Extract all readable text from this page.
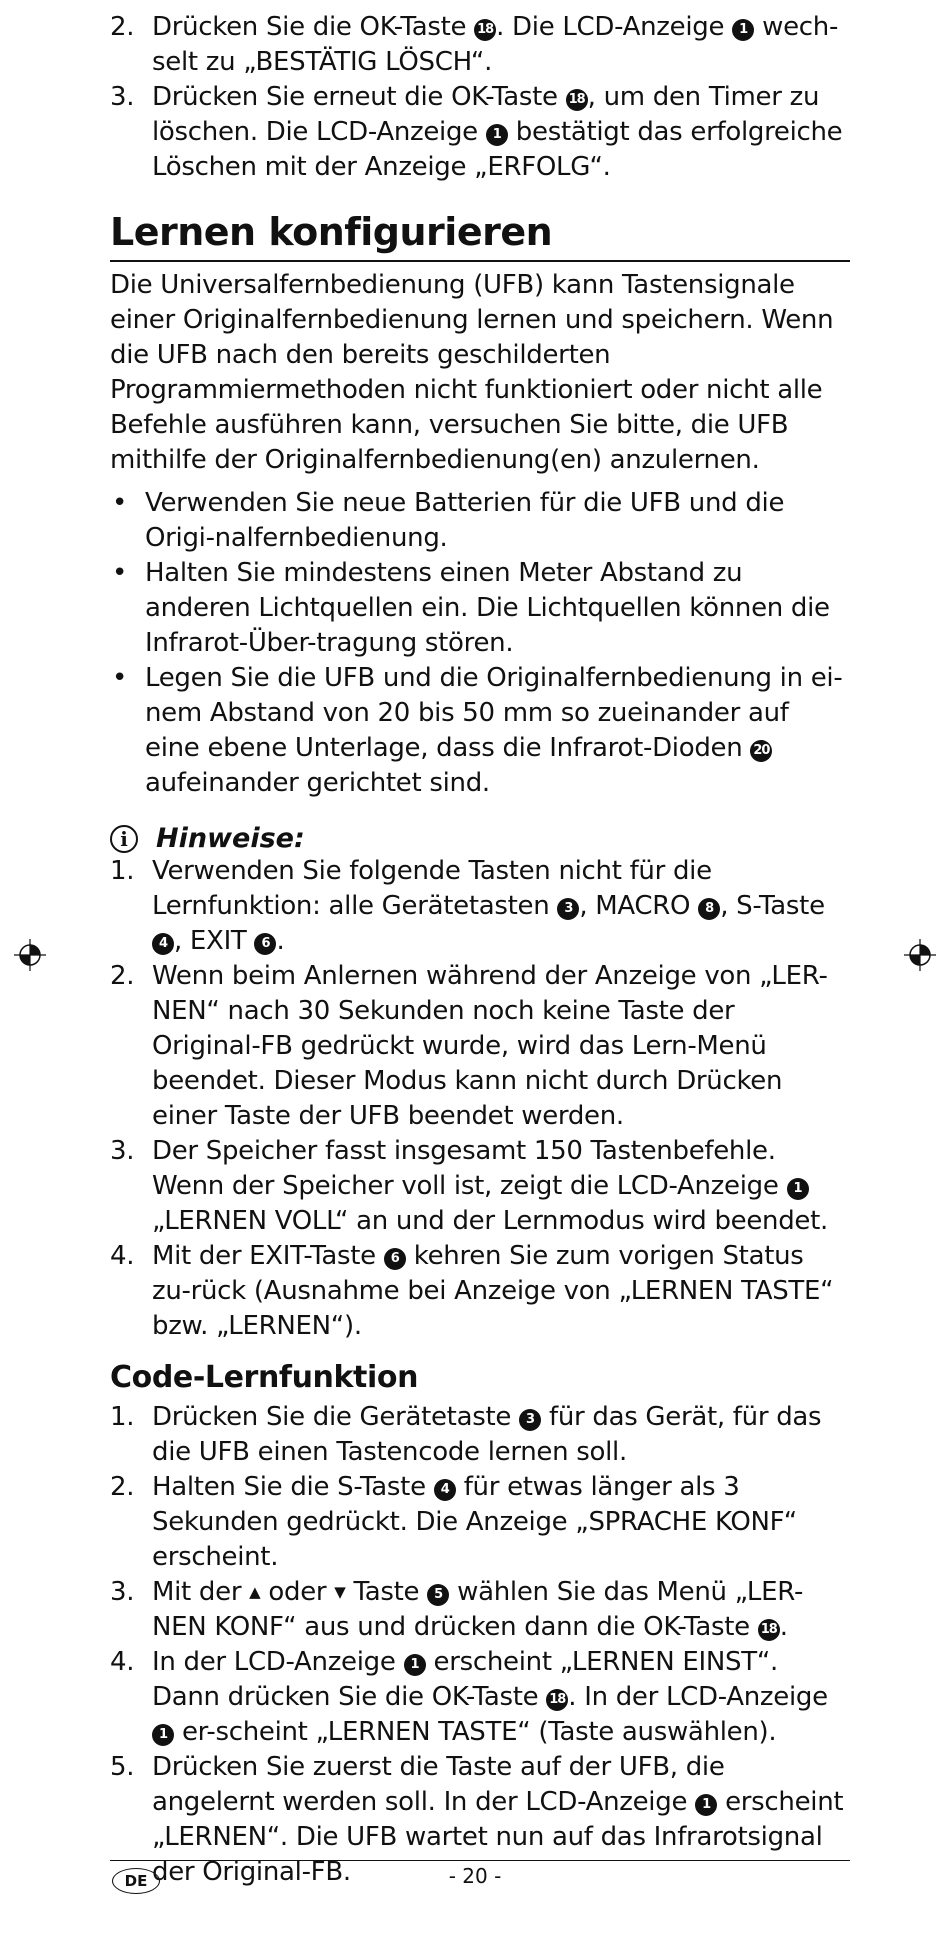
2. Drücken Sie die OK-Taste 18 . Die LCD-Anzeige 1 wech-selt zu „BESTÄTIG LÖSCH“.
3. Drücken Sie erneut die OK-Taste 18 , um den Timer zu löschen. Die LCD-Anzeige 1 bestätigt das erfolgreiche Löschen mit der Anzeige „ERFOLG“.
Lernen konfigurieren

Die Universalfernbedienung (UFB) kann Tastensignale einer Originalfernbedienung lernen und speichern. Wenn die UFB nach den bereits geschilderten Programmiermethoden nicht funktioniert oder nicht alle Befehle ausführen kann, versuchen Sie bitte, die UFB mithilfe der Originalfernbedienung(en) anzulernen.

• Verwenden Sie neue Batterien für die UFB und die Origi-nalfernbedienung.
• Halten Sie mindestens einen Meter Abstand zu anderen Lichtquellen ein. Die Lichtquellen können die Infrarot-Über-tragung stören.
• Legen Sie die UFB und die Originalfernbedienung in ei-nem Abstand von 20 bis 50 mm so zueinander auf eine ebene Unterlage, dass die Infrarot-Dioden 20 aufeinander gerichtet sind.
i	Hinweise:
1. Verwenden Sie folgende Tasten nicht für die Lernfunktion: alle Gerätetasten 3 , MACRO 8 , S-Taste 4 , EXIT 6 .
2. Wenn beim Anlernen während der Anzeige von „LER-NEN“ nach 30 Sekunden noch keine Taste der Original-FB gedrückt wurde, wird das Lern-Menü beendet. Dieser Modus kann nicht durch Drücken einer Taste der UFB beendet werden.
3. Der Speicher fasst insgesamt 150 Tastenbefehle. Wenn der Speicher voll ist, zeigt die LCD-Anzeige 1 „LERNEN VOLL“ an und der Lernmodus wird beendet.
4. Mit der EXIT-Taste 6 kehren Sie zum vorigen Status zu-rück (Ausnahme bei Anzeige von „LERNEN TASTE“ bzw. „LERNEN“).
Code-Lernfunktion
1. Drücken Sie die Gerätetaste 3 für das Gerät, für das die UFB einen Tastencode lernen soll.
2. Halten Sie die S-Taste 4 für etwas länger als 3 Sekunden gedrückt. Die Anzeige „SPRACHE KONF“ erscheint.
3. Mit der ▲ oder ▼ Taste 5 wählen Sie das Menü „LER-NEN KONF“ aus und drücken dann die OK-Taste 18 .
4. In der LCD-Anzeige 1 erscheint „LERNEN EINST“. Dann drücken Sie die OK-Taste 18 . In der LCD-Anzeige 1 er-scheint „LERNEN TASTE“ (Taste auswählen).
5. Drücken Sie zuerst die Taste auf der UFB, die angelernt werden soll. In der LCD-Anzeige 1 erscheint „LERNEN“. Die UFB wartet nun auf das Infrarotsignal der Original-FB.
DE	- 20 -
